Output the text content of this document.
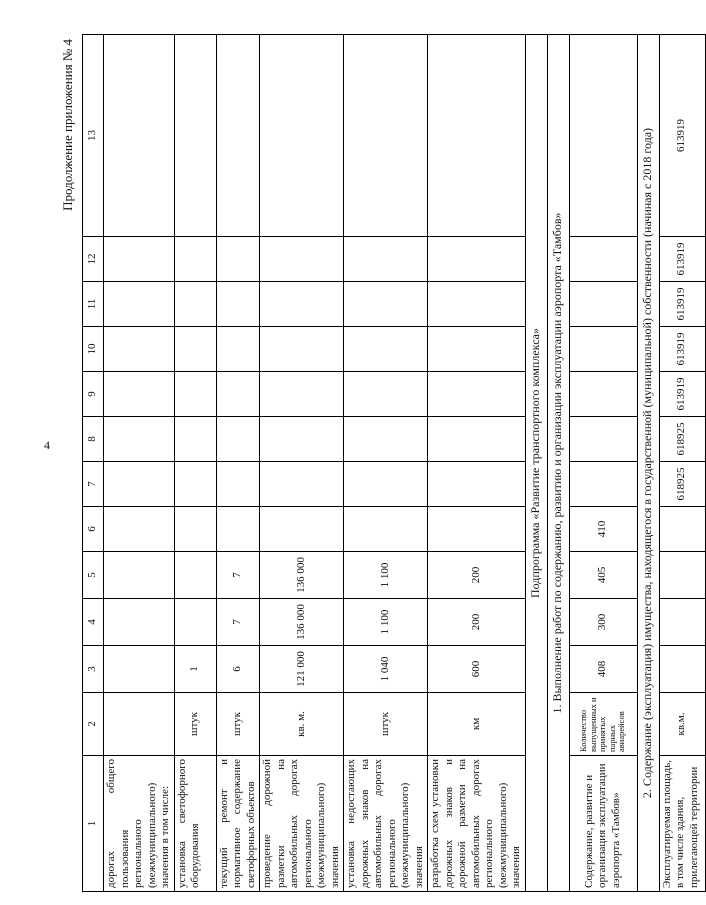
4
Продолжение приложения № 4
1	2	3	4	5	6	7	8	9	10	11	12	13
дорогах общего пользования регионального (межмуниципального) значения в том числе:												
установка светофорного оборудования	штук	1										
текущий ремонт и нормативное содержание светофорных объектов	штук	6	7	7								
проведение дорожной разметки на автомобильных дорогах регионального (межмуниципального) значения	кв. м.	121 000	136 000	136 000								
установка недостающих дорожных знаков на автомобильных дорогах регионального (межмуниципального) значения	штук	1 040	1 100	1 100								
разработка схем установки дорожных знаков и дорожной разметки на автомобильных дорогах регионального (межмуниципального) значения	км	600	200	200								
Подпрограмма «Развитие транспортного комплекса»												
1. Выполнение работ по содержанию, развитию и организации эксплуатации аэропорта «Тамбов»												
Содержание, развитие и организация эксплуатации аэропорта «Тамбов»	Количество выпущенных и принятых парных авиарейсов	408	300	405	410							
2. Содержание (эксплуатация) имущества, находящегося в государственной (муниципальной) собственности (начиная с 2018 года)												
Эксплуатируемая площадь, в том числе здания, прилегающей территории	кв.м.					618925	618925	613919	613919	613919	613919	613919
